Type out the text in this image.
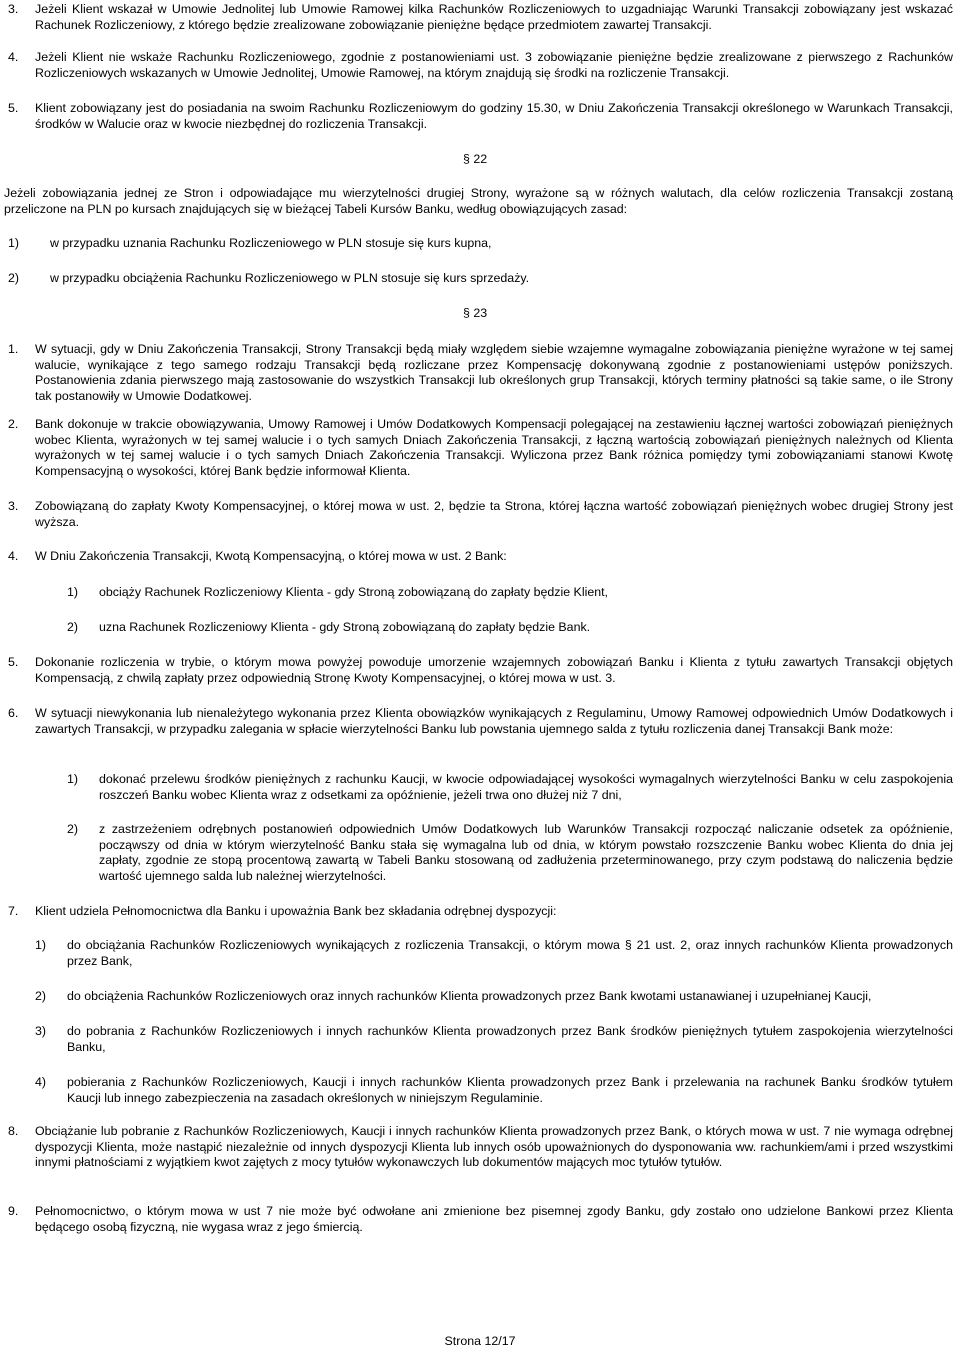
3. Jeżeli Klient wskazał w Umowie Jednolitej lub Umowie Ramowej kilka Rachunków Rozliczeniowych to uzgadniając Warunki Transakcji zobowiązany jest wskazać Rachunek Rozliczeniowy, z którego będzie zrealizowane zobowiązanie pieniężne będące przedmiotem zawartej Transakcji.
4. Jeżeli Klient nie wskaże Rachunku Rozliczeniowego, zgodnie z postanowieniami ust. 3 zobowiązanie pieniężne będzie zrealizowane z pierwszego z Rachunków Rozliczeniowych wskazanych w Umowie Jednolitej, Umowie Ramowej, na którym znajdują się środki na rozliczenie Transakcji.
5. Klient zobowiązany jest do posiadania na swoim Rachunku Rozliczeniowym do godziny 15.30, w Dniu Zakończenia Transakcji określonego w Warunkach Transakcji, środków w Walucie oraz w kwocie niezbędnej do rozliczenia Transakcji.
§ 22
Jeżeli zobowiązania jednej ze Stron i odpowiadające mu wierzytelności drugiej Strony, wyrażone są w różnych walutach, dla celów rozliczenia Transakcji zostaną przeliczone na PLN po kursach znajdujących się w bieżącej Tabeli Kursów Banku, według obowiązujących zasad:
1) w przypadku uznania Rachunku Rozliczeniowego w PLN stosuje się kurs kupna,
2) w przypadku obciążenia Rachunku Rozliczeniowego w PLN stosuje się kurs sprzedaży.
§ 23
1. W sytuacji, gdy w Dniu Zakończenia Transakcji, Strony Transakcji będą miały względem siebie wzajemne wymagalne zobowiązania pieniężne wyrażone w tej samej walucie, wynikające z tego samego rodzaju Transakcji będą rozliczane przez Kompensację dokonywaną zgodnie z postanowieniami ustępów poniższych. Postanowienia zdania pierwszego mają zastosowanie do wszystkich Transakcji lub określonych grup Transakcji, których terminy płatności są takie same, o ile Strony tak postanowiły w Umowie Dodatkowej.
2. Bank dokonuje w trakcie obowiązywania, Umowy Ramowej i Umów Dodatkowych Kompensacji polegającej na zestawieniu łącznej wartości zobowiązań pieniężnych wobec Klienta, wyrażonych w tej samej walucie i o tych samych Dniach Zakończenia Transakcji, z łączną wartością zobowiązań pieniężnych należnych od Klienta wyrażonych w tej samej walucie i o tych samych Dniach Zakończenia Transakcji. Wyliczona przez Bank różnica pomiędzy tymi zobowiązaniami stanowi Kwotę Kompensacyjną o wysokości, której Bank będzie informował Klienta.
3. Zobowiązaną do zapłaty Kwoty Kompensacyjnej, o której mowa w ust. 2, będzie ta Strona, której łączna wartość zobowiązań pieniężnych wobec drugiej Strony jest wyższa.
4. W Dniu Zakończenia Transakcji, Kwotą Kompensacyjną, o której mowa w ust. 2 Bank:
1) obciąży Rachunek Rozliczeniowy Klienta - gdy Stroną zobowiązaną do zapłaty będzie Klient,
2) uzna Rachunek Rozliczeniowy Klienta - gdy Stroną zobowiązaną do zapłaty będzie Bank.
5. Dokonanie rozliczenia w trybie, o którym mowa powyżej powoduje umorzenie wzajemnych zobowiązań Banku i Klienta z tytułu zawartych Transakcji objętych Kompensacją, z chwilą zapłaty przez odpowiednią Stronę Kwoty Kompensacyjnej, o której mowa w ust. 3.
6. W sytuacji niewykonania lub nienależytego wykonania przez Klienta obowiązków wynikających z Regulaminu, Umowy Ramowej odpowiednich Umów Dodatkowych i zawartych Transakcji, w przypadku zalegania w spłacie wierzytelności Banku lub powstania ujemnego salda z tytułu rozliczenia danej Transakcji Bank może:
1) dokonać przelewu środków pieniężnych z rachunku Kaucji, w kwocie odpowiadającej wysokości wymagalnych wierzytelności Banku w celu zaspokojenia roszczeń Banku wobec Klienta wraz z odsetkami za opóźnienie, jeżeli trwa ono dłużej niż 7 dni,
2) z zastrzeżeniem odrębnych postanowień odpowiednich Umów Dodatkowych lub Warunków Transakcji rozpocząć naliczanie odsetek za opóźnienie, począwszy od dnia w którym wierzytelność Banku stała się wymagalna lub od dnia, w którym powstało rozszczenie Banku wobec Klienta do dnia jej zapłaty, zgodnie ze stopą procentową zawartą w Tabeli Banku stosowaną od zadłużenia przeterminowanego, przy czym podstawą do naliczenia będzie wartość ujemnego salda lub należnej wierzytelności.
7. Klient udziela Pełnomocnictwa dla Banku i upoważnia Bank bez składania odrębnej dyspozycji:
1) do obciążania Rachunków Rozliczeniowych wynikających z rozliczenia Transakcji, o którym mowa § 21 ust. 2, oraz innych rachunków Klienta prowadzonych przez Bank,
2) do obciążenia Rachunków Rozliczeniowych oraz innych rachunków Klienta prowadzonych przez Bank kwotami ustanawianej i uzupełnianej Kaucji,
3) do pobrania z Rachunków Rozliczeniowych i innych rachunków Klienta prowadzonych przez Bank środków pieniężnych tytułem zaspokojenia wierzytelności Banku,
4) pobierania z Rachunków Rozliczeniowych, Kaucji i innych rachunków Klienta prowadzonych przez Bank i przelewania na rachunek Banku środków tytułem Kaucji lub innego zabezpieczenia na zasadach określonych w niniejszym Regulaminie.
8. Obciążanie lub pobranie z Rachunków Rozliczeniowych, Kaucji i innych rachunków Klienta prowadzonych przez Bank, o których mowa w ust. 7 nie wymaga odrębnej dyspozycji Klienta, może nastąpić niezależnie od innych dyspozycji Klienta lub innych osób upoważnionych do dysponowania ww. rachunkiem/ami i przed wszystkimi innymi płatnościami z wyjątkiem kwot zajętych z mocy tytułów wykonawczych lub dokumentów mających moc tytułów tytułów.
9. Pełnomocnictwo, o którym mowa w ust 7 nie może być odwołane ani zmienione bez pisemnej zgody Banku, gdy zostało ono udzielone Bankowi przez Klienta będącego osobą fizyczną, nie wygasa wraz z jego śmiercią.
Strona 12/17
